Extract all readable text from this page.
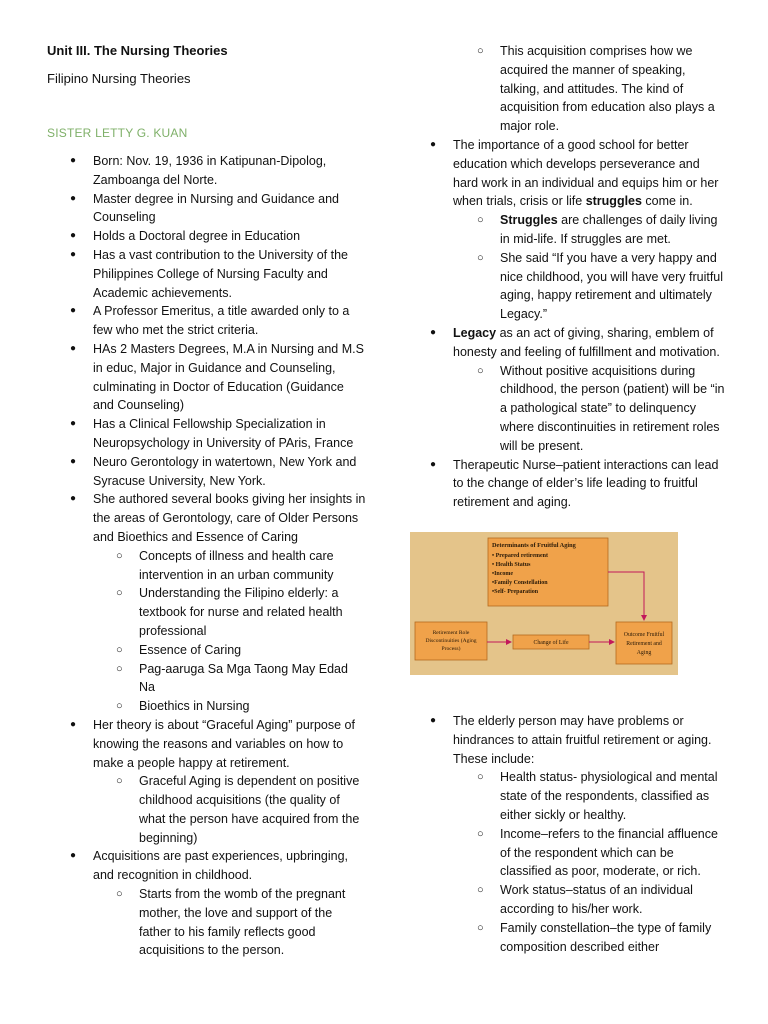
Unit III. The Nursing Theories
Filipino Nursing Theories
SISTER LETTY G. KUAN
● Born: Nov. 19, 1936 in Katipunan-Dipolog, Zamboanga del Norte.
● Master degree in Nursing and Guidance and Counseling
● Holds a Doctoral degree in Education
● Has a vast contribution to the University of the Philippines College of Nursing Faculty and Academic achievements.
● A Professor Emeritus, a title awarded only to a few who met the strict criteria.
● HAs 2 Masters Degrees, M.A in Nursing and M.S in educ, Major in Guidance and Counseling, culminating in Doctor of Education (Guidance and Counseling)
● Has a Clinical Fellowship Specialization in Neuropsychology in University of PAris, France
● Neuro Gerontology in watertown, New York and Syracuse University, New York.
● She authored several books giving her insights in the areas of Gerontology, care of Older Persons and Bioethics and Essence of Caring
○ Concepts of illness and health care intervention in an urban community
○ Understanding the Filipino elderly: a textbook for nurse and related health professional
○ Essence of Caring
○ Pag-aaruga Sa Mga Taong May Edad Na
○ Bioethics in Nursing
● Her theory is about “Graceful Aging” purpose of knowing the reasons and variables on how to make a people happy at retirement.
○ Graceful Aging is dependent on positive childhood acquisitions (the quality of what the person have acquired from the beginning)
● Acquisitions are past experiences, upbringing, and recognition in childhood.
○ Starts from the womb of the pregnant mother, the love and support of the father to his family reflects good acquisitions to the person.
○ This acquisition comprises how we acquired the manner of speaking, talking, and attitudes. The kind of acquisition from education also plays a major role.
● The importance of a good school for better education which develops perseverance and hard work in an individual and equips him or her when trials, crisis or life struggles come in.
○ Struggles are challenges of daily living in mid-life. If struggles are met.
○ She said “If you have a very happy and nice childhood, you will have very fruitful aging, happy retirement and ultimately Legacy.”
● Legacy as an act of giving, sharing, emblem of honesty and feeling of fulfillment and motivation.
○ Without positive acquisitions during childhood, the person (patient) will be “in a pathological state” to delinquency where discontinuities in retirement roles will be present.
● Therapeutic Nurse–patient interactions can lead to the change of elder’s life leading to fruitful retirement and aging.
Determinants of Fruitful Aging
• Prepared retirement
• Health Status
•Income
•Family Constellation
•Self- Preparation
Retirement Role
Discontinuities (Aging
Process)
Change of Life
Outcome Fruitful
Retirement and
Aging
● The elderly person may have problems or hindrances to attain fruitful retirement or aging. These include:
○ Health status- physiological and mental state of the respondents, classified as either sickly or healthy.
○ Income–refers to the financial affluence of the respondent which can be classified as poor, moderate, or rich.
○ Work status–status of an individual according to his/her work.
○ Family constellation–the type of family composition described either
